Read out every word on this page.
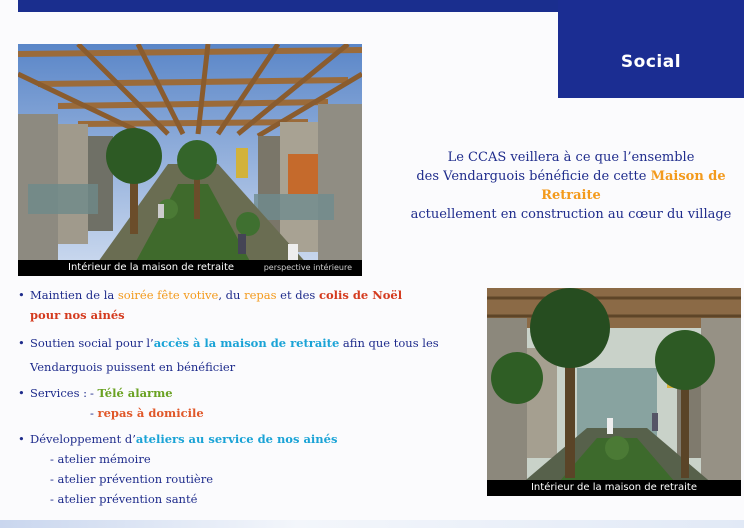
Social
Intérieur de la maison de retraite	perspective intérieure
Le CCAS veillera à ce que l’ensemble
des Vendarguois bénéficie de cette Maison de Retraite
actuellement en construction au cœur du village
Intérieur de la maison de retraite
• Maintien de la soirée fête votive, du repas et des colis de Noël
pour nos ainés
• Soutien social pour l’accès à la maison de retraite afin que tous les
Vendarguois puissent en bénéficier
• Services : - Télé alarme
- repas à domicile
• Développement d’ateliers au service de nos ainés
- atelier mémoire
- atelier prévention routière
- atelier prévention santé
